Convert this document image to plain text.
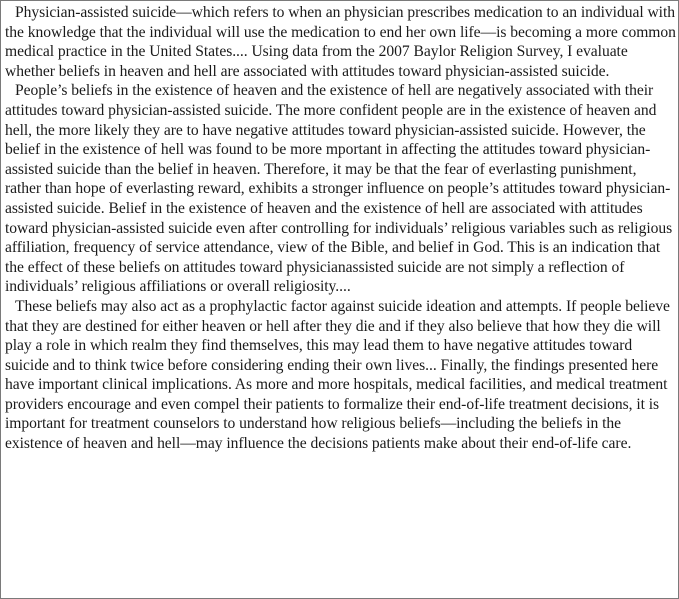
Physician-assisted suicide—which refers to when an physician prescribes medication to an individual with the knowledge that the individual will use the medication to end her own life—is becoming a more common medical practice in the United States.... Using data from the 2007 Baylor Religion Survey, I evaluate whether beliefs in heaven and hell are associated with attitudes toward physician-assisted suicide.

People’s beliefs in the existence of heaven and the existence of hell are negatively associated with their attitudes toward physician-assisted suicide. The more confident people are in the existence of heaven and hell, the more likely they are to have negative attitudes toward physician-assisted suicide. However, the belief in the existence of hell was found to be more mportant in affecting the attitudes toward physician-assisted suicide than the belief in heaven. Therefore, it may be that the fear of everlasting punishment, rather than hope of everlasting reward, exhibits a stronger influence on people’s attitudes toward physician-assisted suicide. Belief in the existence of heaven and the existence of hell are associated with attitudes toward physician-assisted suicide even after controlling for individuals’ religious variables such as religious affiliation, frequency of service attendance, view of the Bible, and belief in God. This is an indication that the effect of these beliefs on attitudes toward physicianassisted suicide are not simply a reflection of individuals’ religious affiliations or overall religiosity....

These beliefs may also act as a prophylactic factor against suicide ideation and attempts. If people believe that they are destined for either heaven or hell after they die and if they also believe that how they die will play a role in which realm they find themselves, this may lead them to have negative attitudes toward suicide and to think twice before considering ending their own lives... Finally, the findings presented here have important clinical implications. As more and more hospitals, medical facilities, and medical treatment providers encourage and even compel their patients to formalize their end-of-life treatment decisions, it is important for treatment counselors to understand how religious beliefs—including the beliefs in the existence of heaven and hell—may influence the decisions patients make about their end-of-life care.
